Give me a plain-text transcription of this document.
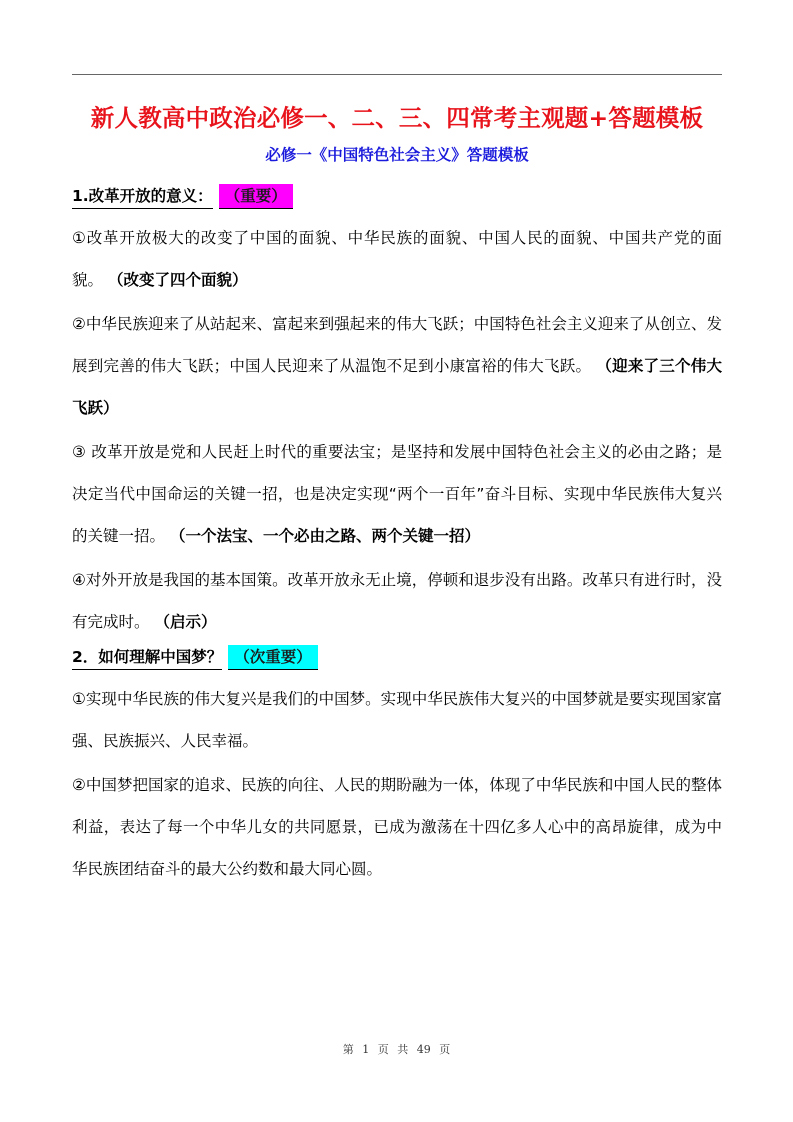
新人教高中政治必修一、二、三、四常考主观题+答题模板
必修一《中国特色社会主义》答题模板
1.改革开放的意义： （重要）

①改革开放极大的改变了中国的面貌、中华民族的面貌、中国人民的面貌、中国共产党的面貌。 （改变了四个面貌）

②中华民族迎来了从站起来、富起来到强起来的伟大飞跃；中国特色社会主义迎来了从创立、发展到完善的伟大飞跃；中国人民迎来了从温饱不足到小康富裕的伟大飞跃。 （迎来了三个伟大飞跃）

③ 改革开放是党和人民赶上时代的重要法宝；是坚持和发展中国特色社会主义的必由之路；是决定当代中国命运的关键一招，也是决定实现“两个一百年”奋斗目标、实现中华民族伟大复兴的关键一招。 （一个法宝、一个必由之路、两个关键一招）

④对外开放是我国的基本国策。改革开放永无止境，停顿和退步没有出路。改革只有进行时，没有完成时。 （启示）

2．如何理解中国梦？ （次重要）

①实现中华民族的伟大复兴是我们的中国梦。实现中华民族伟大复兴的中国梦就是要实现国家富强、民族振兴、人民幸福。

②中国梦把国家的追求、民族的向往、人民的期盼融为一体，体现了中华民族和中国人民的整体利益，表达了每一个中华儿女的共同愿景，已成为激荡在十四亿多人心中的高昂旋律，成为中华民族团结奋斗的最大公约数和最大同心圆。

第 1 页 共 49 页
